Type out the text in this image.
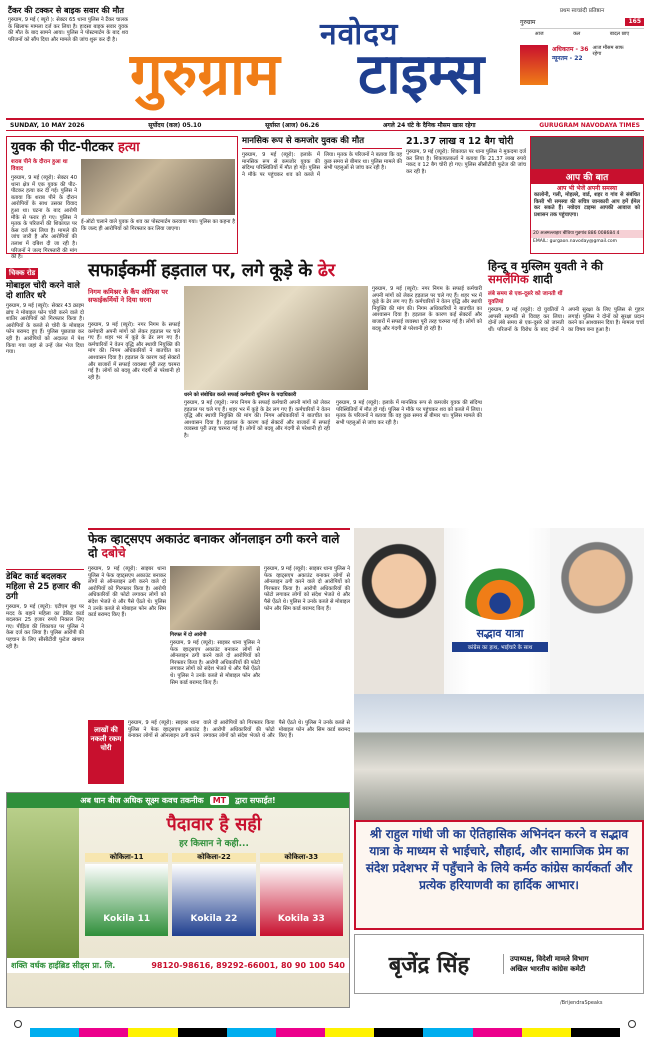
टैंकर की टक्कर से बाइक सवार की मौत
गुरुग्राम, 9 मई ( ब्यूरो ): सेक्टर 65 थाना पुलिस ने टैंकर चालक के खिलाफ मामला दर्ज कर लिया है। हादसा बाइक सवार युवक की मौत के बाद सामने आया। पुलिस ने पोस्टमार्टम के बाद शव परिजनों को सौंप दिया और मामले की जांच शुरू कर दी है।	नवोदय
गुरुग्राम टाइम्स
प्रथम स्वच्छंदी प्रतिष्ठान
गुरुग्राम	165
आज	कल	बादल छाए
अधिकतम - 36
न्यूनतम - 22
आज मौसम साफ रहेगा
SUNDAY, 10 MAY 2026	सूर्योदय (कल) 05.10	सूर्यास्त (आज) 06.26	अगले 24 घंटे के दैनिक मौसम खास रहेगा	GURUGRAM NAVODAYA TIMES
युवक की पीट-पीटकर हत्या
शराब पीने के दौरान हुआ था विवाद
गुरुग्राम, 9 मई (ब्यूरो): सेक्टर 40 थाना क्षेत्र में एक युवक की पीट-पीटकर हत्या कर दी गई। पुलिस ने बताया कि शराब पीने के दौरान आरोपियों के साथ उसका विवाद हुआ था। घटना के बाद आरोपी मौके से फरार हो गए। पुलिस ने मृतक के परिजनों की शिकायत पर केस दर्ज कर लिया है। मामले की जांच जारी है और आरोपियों की तलाश में दबिश दी जा रही है। परिजनों ने जल्द गिरफ्तारी की मांग की है।
ई-ऑटो चलाने वाले युवक के शव का पोस्टमार्टम करवाया गया। पुलिस का कहना है कि जल्द ही आरोपियों को गिरफ्तार कर लिया जाएगा।
मानसिक रूप से कमजोर युवक की मौत
गुरुग्राम, 9 मई (ब्यूरो): इलाके में मानसिक रूप से कमजोर युवक की संदिग्ध परिस्थितियों में मौत हो गई। पुलिस ने मौके पर पहुंचकर शव को कब्जे में लिया। मृतक के परिजनों ने बताया कि वह कुछ समय से बीमार था। पुलिस मामले की सभी पहलुओं से जांच कर रही है।
21.37 लाख व 12 बैग चोरी
गुरुग्राम, 9 मई (ब्यूरो): शिकायत पर थाना पुलिस ने मुकदमा दर्ज कर लिया है। शिकायतकर्ता ने बताया कि 21.37 लाख रुपये नकद व 12 बैग चोरी हो गए। पुलिस सीसीटीवी फुटेज की जांच कर रही है।
आप की बात
आप भी भेजें अपनी समस्या
कालोनी, गली, मोहल्ले, वार्ड, शहर व गांव से संबंधित किसी भी समस्या की सचित्र जानकारी आप हमें ईमेल कर सकते हैं। नवोदय टाइम्स आपकी आवाज को प्रशासन तक पहुंचाएगा।
20 अजमल्लाहार बीविया गुडगांव 886 008684 4
EMAIL: gurgaon.navoday@gmail.com
चिक्क रोड
मोबाइल चोरी करने वाले दो शातिर धरे
गुरुग्राम, 9 मई (ब्यूरो): सेक्टर 43 क्राइम ब्रांच ने मोबाइल फोन चोरी करने वाले दो शातिर आरोपियों को गिरफ्तार किया है। आरोपियों के कब्जे से चोरी के मोबाइल फोन बरामद हुए हैं। पुलिस पूछताछ कर रही है। आरोपियों को अदालत में पेश किया गया जहां से उन्हें जेल भेज दिया गया।
डेबिट कार्ड बदलकर महिला से 25 हजार की ठगी
गुरुग्राम, 9 मई (ब्यूरो): एटीएम बूथ पर मदद के बहाने महिला का डेबिट कार्ड बदलकर 25 हजार रुपये निकाल लिए गए। पीड़िता की शिकायत पर पुलिस ने केस दर्ज कर लिया है। पुलिस आरोपी की पहचान के लिए सीसीटीवी फुटेज खंगाल रही है।
सफाईकर्मी हड़ताल पर, लगे कूड़े के ढेर
निगम कमिश्नर के कैंप ऑफिस पर सफाईकर्मियों ने दिया धरना
गुरुग्राम, 9 मई (ब्यूरो): नगर निगम के सफाई कर्मचारी अपनी मांगों को लेकर हड़ताल पर चले गए हैं। शहर भर में कूड़े के ढेर लग गए हैं। कर्मचारियों ने वेतन वृद्धि और स्थायी नियुक्ति की मांग की। निगम अधिकारियों ने बातचीत का आश्वासन दिया है। हड़ताल के कारण कई सेक्टरों और बाजारों में सफाई व्यवस्था पूरी तरह चरमरा गई है। लोगों को बदबू और गंदगी से परेशानी हो रही है।
गुरुग्राम, 9 मई (ब्यूरो): नगर निगम के सफाई कर्मचारी अपनी मांगों को लेकर हड़ताल पर चले गए हैं। शहर भर में कूड़े के ढेर लग गए हैं। कर्मचारियों ने वेतन वृद्धि और स्थायी नियुक्ति की मांग की। निगम अधिकारियों ने बातचीत का आश्वासन दिया है। हड़ताल के कारण कई सेक्टरों और बाजारों में सफाई व्यवस्था पूरी तरह चरमरा गई है। लोगों को बदबू और गंदगी से परेशानी हो रही है।
धरने को संबोधित करते सफाई कर्मचारी यूनियन के पदाधिकारी
गुरुग्राम, 9 मई (ब्यूरो): नगर निगम के सफाई कर्मचारी अपनी मांगों को लेकर हड़ताल पर चले गए हैं। शहर भर में कूड़े के ढेर लग गए हैं। कर्मचारियों ने वेतन वृद्धि और स्थायी नियुक्ति की मांग की। निगम अधिकारियों ने बातचीत का आश्वासन दिया है। हड़ताल के कारण कई सेक्टरों और बाजारों में सफाई व्यवस्था पूरी तरह चरमरा गई है। लोगों को बदबू और गंदगी से परेशानी हो रही है।
गुरुग्राम, 9 मई (ब्यूरो): इलाके में मानसिक रूप से कमजोर युवक की संदिग्ध परिस्थितियों में मौत हो गई। पुलिस ने मौके पर पहुंचकर शव को कब्जे में लिया। मृतक के परिजनों ने बताया कि वह कुछ समय से बीमार था। पुलिस मामले की सभी पहलुओं से जांच कर रही है।
हिन्दू व मुस्लिम युवती ने की समलैंगिक शादी
लंबे समय से एक-दूसरे को जानती थीं युवतियां
गुरुग्राम, 9 मई (ब्यूरो): दो युवतियों ने आपसी सहमति से विवाह कर लिया। दोनों लंबे समय से एक-दूसरे को जानती थीं। परिजनों के विरोध के बाद दोनों ने अपनी सुरक्षा के लिए पुलिस से गुहार लगाई। पुलिस ने दोनों को सुरक्षा प्रदान करने का आश्वासन दिया है। मामला चर्चा का विषय बना हुआ है।
फेक व्हाट्सएप अकाउंट बनाकर ऑनलाइन ठगी करने वाले दो दबोचे
गुरुग्राम, 9 मई (ब्यूरो): साइबर थाना पुलिस ने फेक व्हाट्सएप अकाउंट बनाकर लोगों से ऑनलाइन ठगी करने वाले दो आरोपियों को गिरफ्तार किया है। आरोपी अधिकारियों की फोटो लगाकर लोगों को संदेश भेजते थे और पैसे ऐंठते थे। पुलिस ने उनके कब्जे से मोबाइल फोन और सिम कार्ड बरामद किए हैं।
गिरफ्त में दो आरोपी
गुरुग्राम, 9 मई (ब्यूरो): साइबर थाना पुलिस ने फेक व्हाट्सएप अकाउंट बनाकर लोगों से ऑनलाइन ठगी करने वाले दो आरोपियों को गिरफ्तार किया है। आरोपी अधिकारियों की फोटो लगाकर लोगों को संदेश भेजते थे और पैसे ऐंठते थे। पुलिस ने उनके कब्जे से मोबाइल फोन और सिम कार्ड बरामद किए हैं।
गुरुग्राम, 9 मई (ब्यूरो): साइबर थाना पुलिस ने फेक व्हाट्सएप अकाउंट बनाकर लोगों से ऑनलाइन ठगी करने वाले दो आरोपियों को गिरफ्तार किया है। आरोपी अधिकारियों की फोटो लगाकर लोगों को संदेश भेजते थे और पैसे ऐंठते थे। पुलिस ने उनके कब्जे से मोबाइल फोन और सिम कार्ड बरामद किए हैं।
लाखों की नकली रकम चोरी
गुरुग्राम, 9 मई (ब्यूरो): साइबर थाना पुलिस ने फेक व्हाट्सएप अकाउंट बनाकर लोगों से ऑनलाइन ठगी करने वाले दो आरोपियों को गिरफ्तार किया है। आरोपी अधिकारियों की फोटो लगाकर लोगों को संदेश भेजते थे और पैसे ऐंठते थे। पुलिस ने उनके कब्जे से मोबाइल फोन और सिम कार्ड बरामद किए हैं।
सद्भाव यात्रा
कांग्रेस का हाथ, भाईचारे के साथ
श्री राहुल गांधी जी का ऐतिहासिक अभिनंदन करने व सद्भाव यात्रा के माध्यम से भाईचारे, सौहार्द, और सामाजिक प्रेम का संदेश प्रदेशभर में पहुँचाने के लिये कर्मठ कांग्रेस कार्यकर्ता और प्रत्येक हरियाणवी का हार्दिक आभार।
बृजेंद्र सिंह	उपाध्यक्ष, विदेशी मामले विभाग
अखिल भारतीय कांग्रेस कमेटी
अब धान बीज अधिक सूक्ष्म कवच तकनीक	MT	द्वारा सफाईत!
पैदावार है सही
हर किसान ने कही...
कोकिला-11
Kokila 11
कोकिला-22
Kokila 22
कोकिला-33
Kokila 33
शक्ति वर्धक हाईब्रिड सीड्स प्रा. लि.	98120-98616, 89292-66001, 80 90 100 540
/BrijendraSpeaks
